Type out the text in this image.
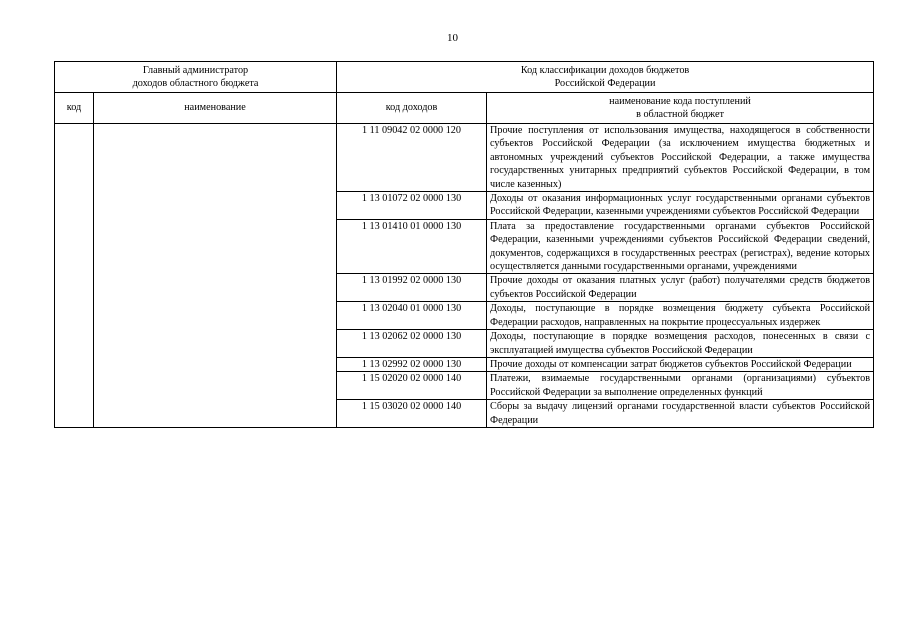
10
Главный администратор
доходов областного бюджета		Код классификации доходов бюджетов
Российской Федерации	

код	наименование	код доходов	наименование кода поступлений
в областной бюджет

		1 11 09042 02 0000 120	Прочие поступления от использования имущества, находящегося в собственности субъектов Российской Федерации (за исключением имущества бюджетных и автономных учреждений субъектов Российской Федерации, а также имущества государственных унитарных предприятий субъектов Российской Федерации, в том числе казенных)
		1 13 01072 02 0000 130	Доходы от оказания информационных услуг государственными органами субъектов Российской Федерации, казенными учреждениями субъектов Российской Федерации
		1 13 01410 01 0000 130	Плата за предоставление государственными органами субъектов Российской Федерации, казенными учреждениями субъектов Российской Федерации сведений, документов, содержащихся в государственных реестрах (регистрах), ведение которых осуществляется данными государственными органами, учреждениями
		1 13 01992 02 0000 130	Прочие доходы от оказания платных услуг (работ) получателями средств бюджетов субъектов Российской Федерации
		1 13 02040 01 0000 130	Доходы, поступающие в порядке возмещения бюджету субъекта Российской Федерации расходов, направленных на покрытие процессуальных издержек
		1 13 02062 02 0000 130	Доходы, поступающие в порядке возмещения расходов, понесенных в связи с эксплуатацией имущества субъектов Российской Федерации
		1 13 02992 02 0000 130	Прочие доходы от компенсации затрат бюджетов субъектов Российской Федерации
		1 15 02020 02 0000 140	Платежи, взимаемые государственными органами (организациями) субъектов Российской Федерации за выполнение определенных функций
		1 15 03020 02 0000 140	Сборы за выдачу лицензий органами государственной власти субъектов Российской Федерации
